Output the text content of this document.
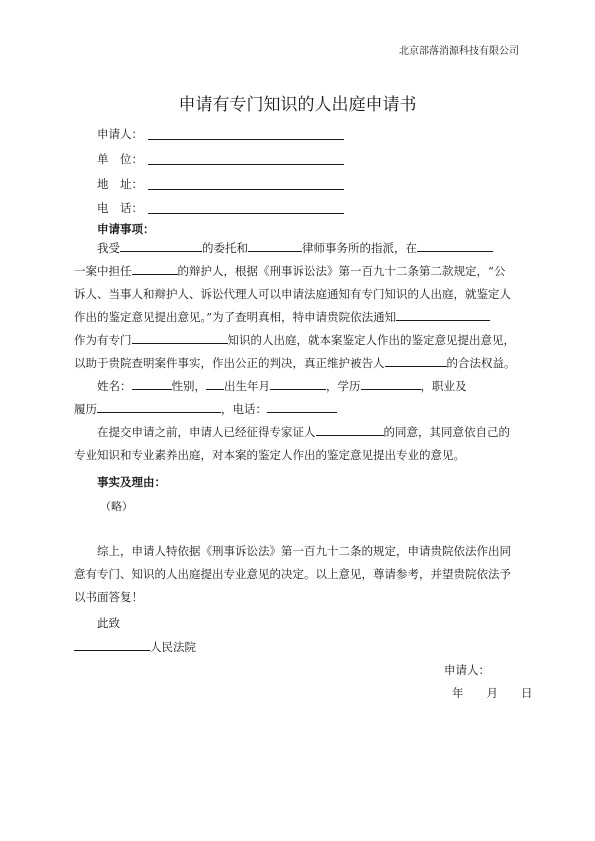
北京部落消源科技有限公司
申请有专门知识的人出庭申请书
申请人：
单　位：
地　址：
电　话：
申请事项：
我受	的委托和	律师事务所的指派，在
一案中担任	的辩护人，根据《刑事诉讼法》第一百九十二条第二款规定，“公
诉人、当事人和辩护人、诉讼代理人可以申请法庭通知有专门知识的人出庭，就鉴定人
作出的鉴定意见提出意见。”为了查明真相，特申请贵院依法通知
作为有专门	知识的人出庭，就本案鉴定人作出的鉴定意见提出意见，
以助于贵院查明案件事实，作出公正的判决，真正维护被告人	的合法权益。
姓名：	性别， 出生年月	，学历	，职业及
履历	，电话：
在提交申请之前，申请人已经征得专家证人	的同意，其同意依自己的
专业知识和专业素养出庭，对本案的鉴定人作出的鉴定意见提出专业的意见。
事实及理由：
（略）
综上，申请人特依据《刑事诉讼法》第一百九十二条的规定，申请贵院依法作出同
意有专门、知识的人出庭提出专业意见的决定。以上意见，尊请参考，并望贵院依法予
以书面答复！
此致
人民法院
申请人：
年　　月　　日
